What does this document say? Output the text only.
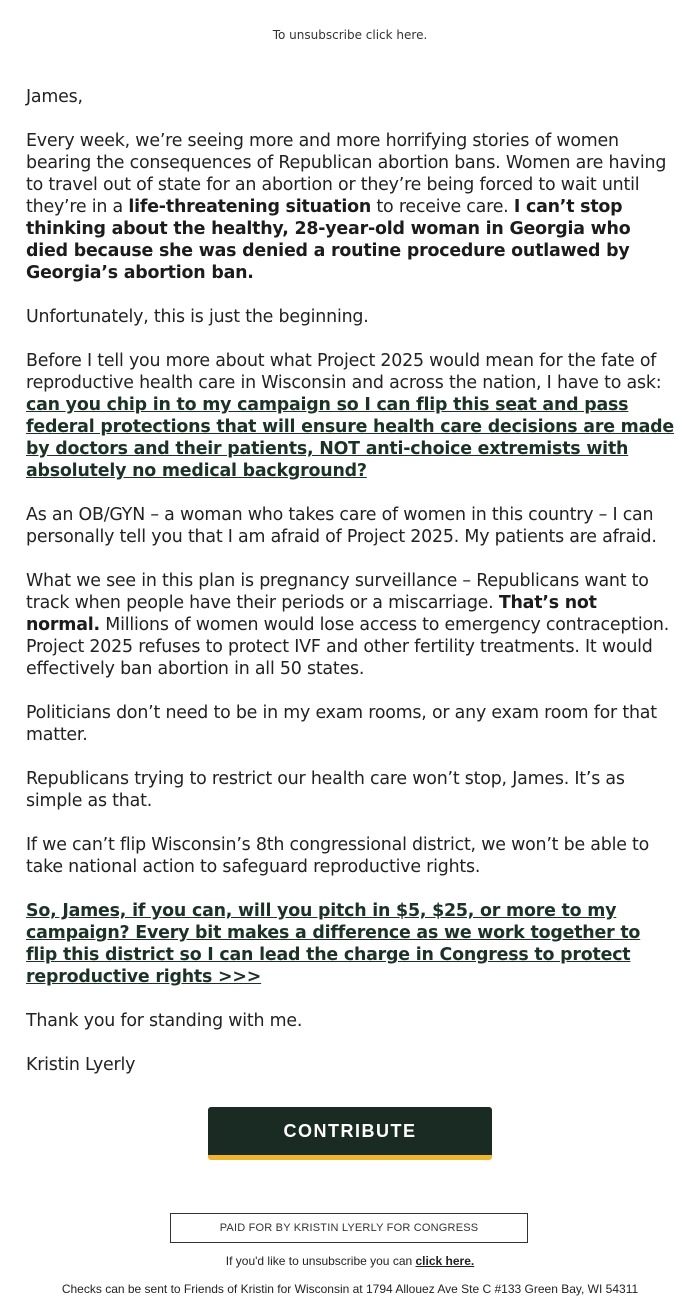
To unsubscribe click here.

James,

Every week, we’re seeing more and more horrifying stories of women bearing the consequences of Republican abortion bans. Women are having to travel out of state for an abortion or they’re being forced to wait until they’re in a life-threatening situation to receive care. I can’t stop thinking about the healthy, 28-year-old woman in Georgia who died because she was denied a routine procedure outlawed by Georgia’s abortion ban.

Unfortunately, this is just the beginning.

Before I tell you more about what Project 2025 would mean for the fate of reproductive health care in Wisconsin and across the nation, I have to ask: can you chip in to my campaign so I can flip this seat and pass federal protections that will ensure health care decisions are made by doctors and their patients, NOT anti-choice extremists with absolutely no medical background?

As an OB/GYN – a woman who takes care of women in this country – I can personally tell you that I am afraid of Project 2025. My patients are afraid.

What we see in this plan is pregnancy surveillance – Republicans want to track when people have their periods or a miscarriage. That’s not normal. Millions of women would lose access to emergency contraception. Project 2025 refuses to protect IVF and other fertility treatments. It would effectively ban abortion in all 50 states.

Politicians don’t need to be in my exam rooms, or any exam room for that matter.

Republicans trying to restrict our health care won’t stop, James. It’s as simple as that.

If we can’t flip Wisconsin’s 8th congressional district, we won’t be able to take national action to safeguard reproductive rights.

So, James, if you can, will you pitch in $5, $25, or more to my campaign? Every bit makes a difference as we work together to flip this district so I can lead the charge in Congress to protect reproductive rights >>>

Thank you for standing with me.

Kristin Lyerly

CONTRIBUTE
PAID FOR BY KRISTIN LYERLY FOR CONGRESS
If you'd like to unsubscribe you can click here.
Checks can be sent to Friends of Kristin for Wisconsin at 1794 Allouez Ave Ste C #133 Green Bay, WI 54311
